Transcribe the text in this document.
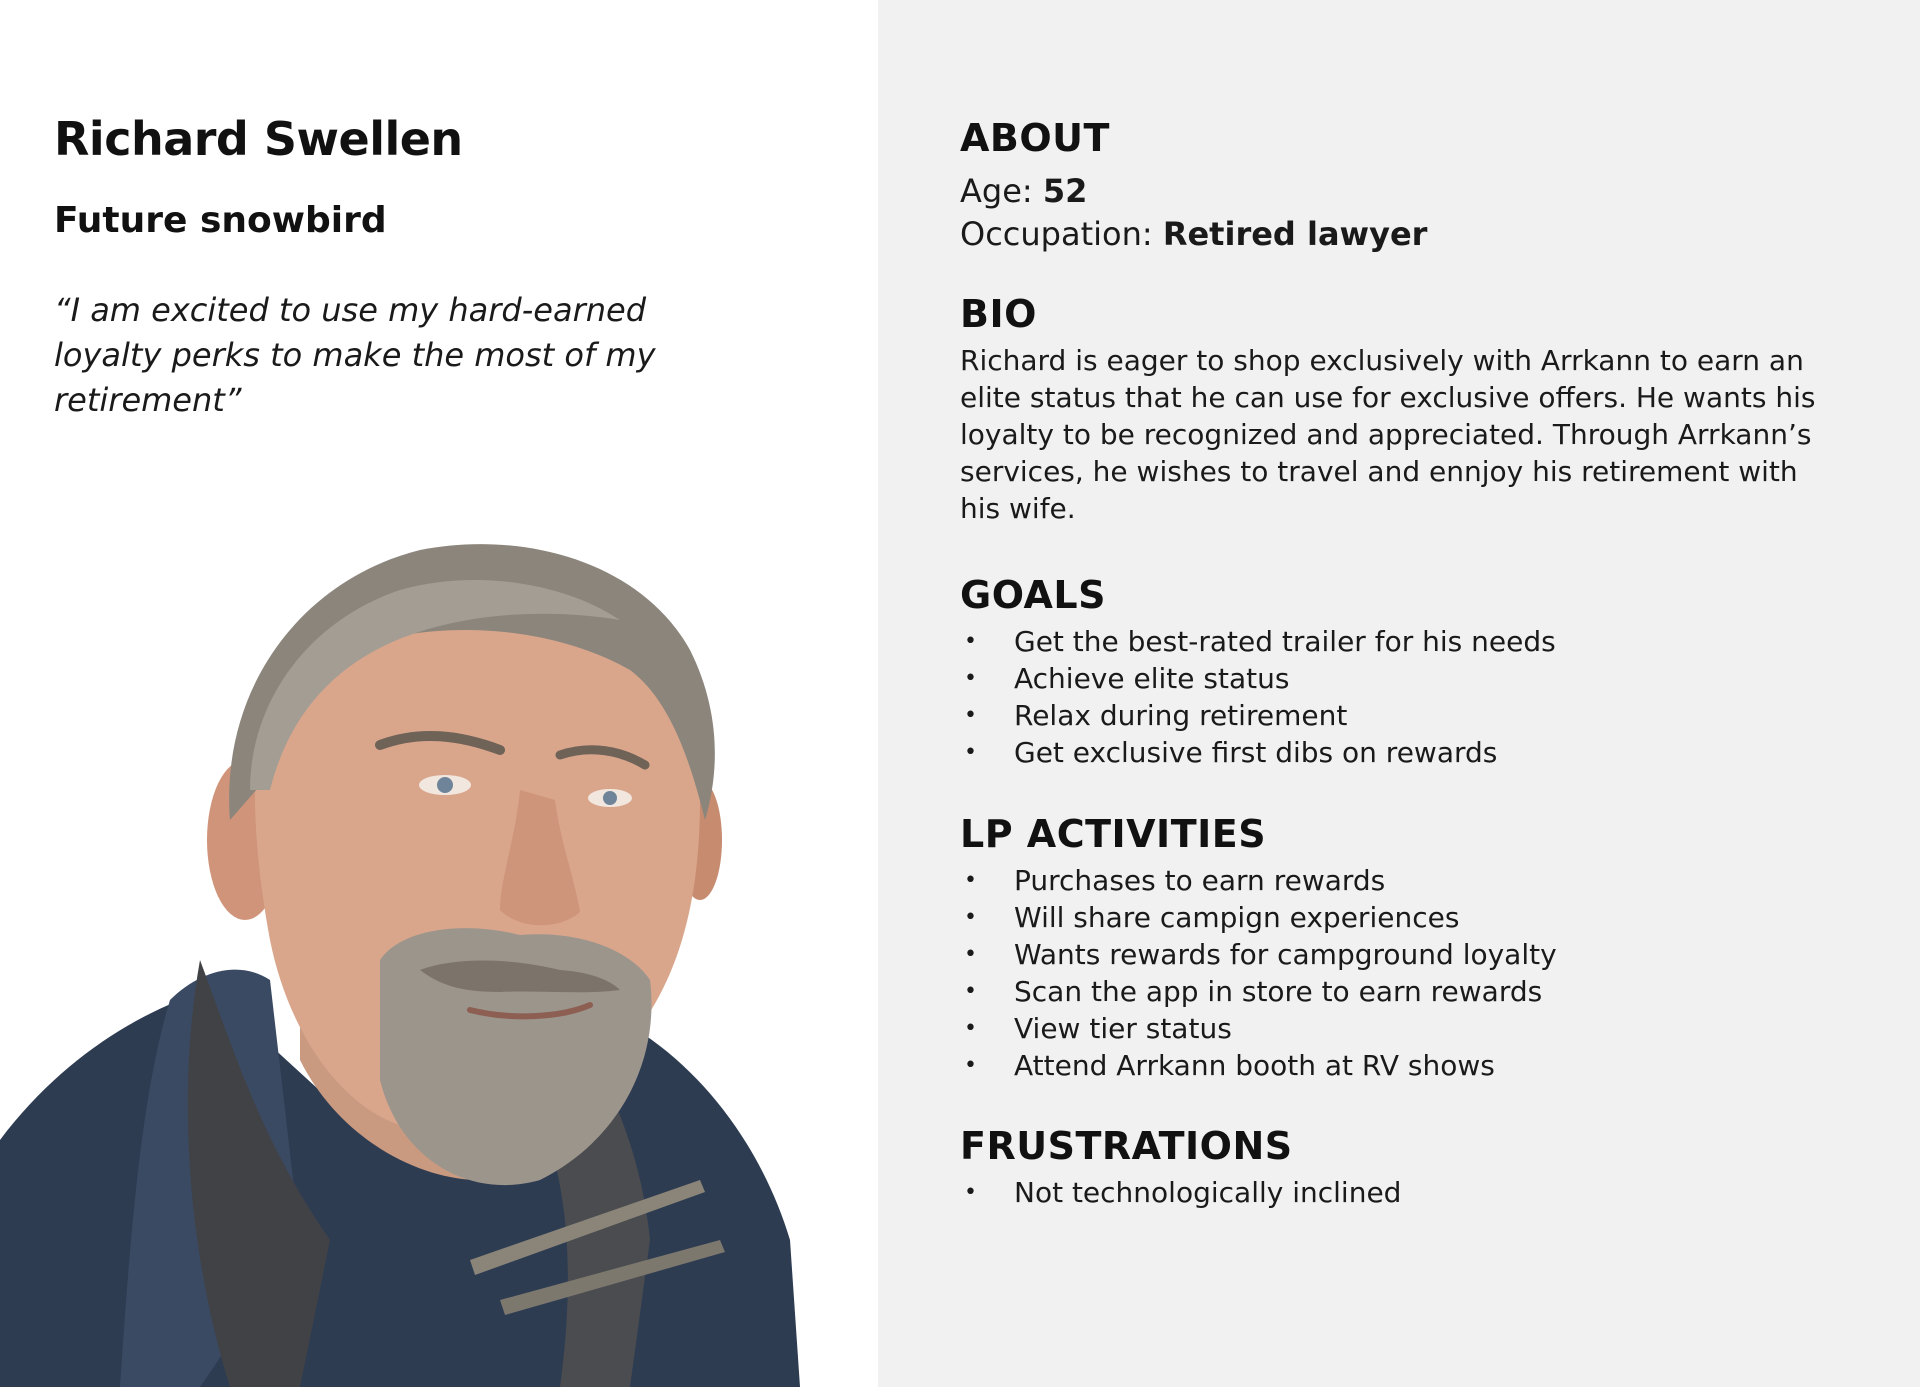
Richard Swellen
Future snowbird

“I am excited to use my hard-earned loyalty perks to make the most of my retirement”

ABOUT

Age: 52

Occupation: Retired lawyer

BIO

Richard is eager to shop exclusively with Arrkann to earn an elite status that he can use for exclusive offers. He wants his loyalty to be recognized and appreciated. Through Arrkann’s services, he wishes to travel and ennjoy his retirement with his wife.

GOALS
• Get the best-rated trailer for his needs
• Achieve elite status
• Relax during retirement
• Get exclusive first dibs on rewards
LP ACTIVITIES
• Purchases to earn rewards
• Will share campign experiences
• Wants rewards for campground loyalty
• Scan the app in store to earn rewards
• View tier status
• Attend Arrkann booth at RV shows
FRUSTRATIONS
• Not technologically inclined
